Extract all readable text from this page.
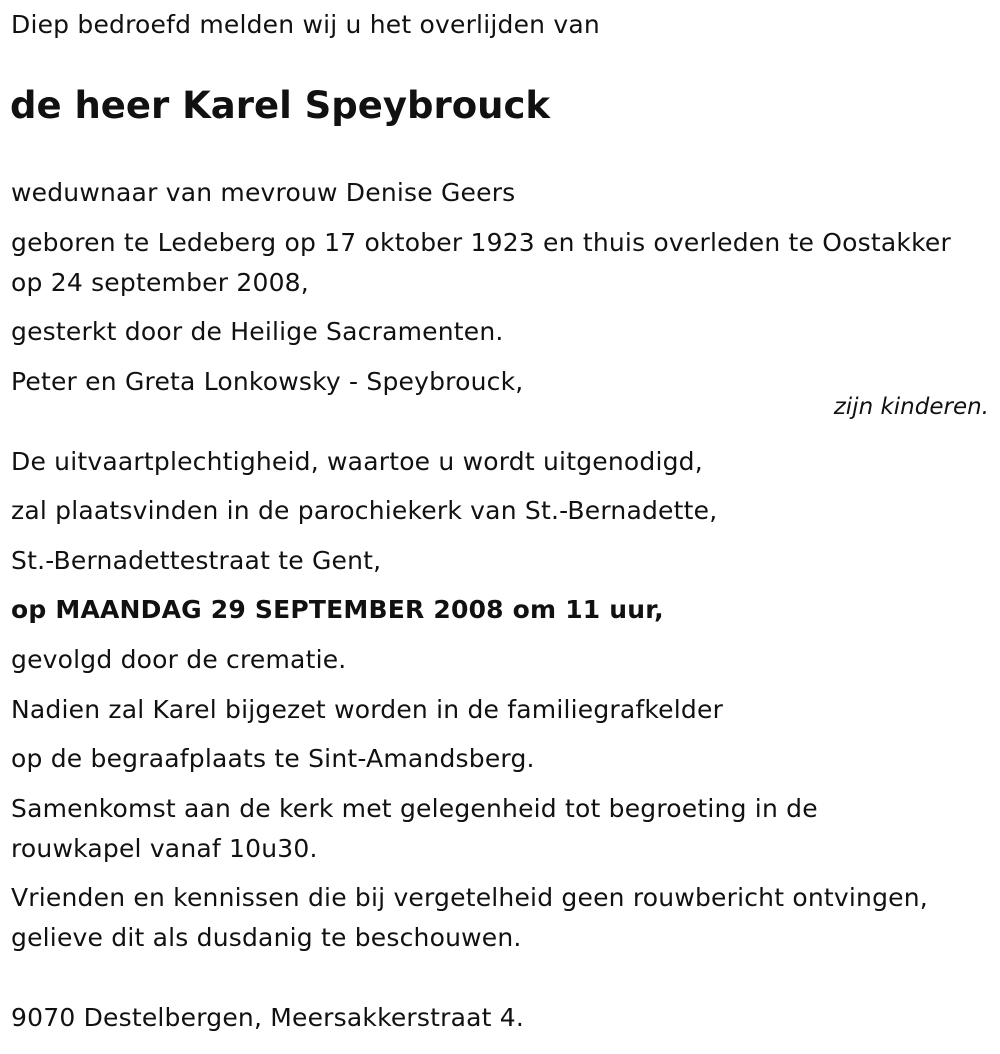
Diep bedroefd melden wij u het overlijden van
de heer Karel Speybrouck
weduwnaar van mevrouw Denise Geers
geboren te Ledeberg op 17 oktober 1923 en thuis overleden te Oostakker
op 24 september 2008,
gesterkt door de Heilige Sacramenten.
Peter en Greta Lonkowsky - Speybrouck,
zijn kinderen.
De uitvaartplechtigheid, waartoe u wordt uitgenodigd,
zal plaatsvinden in de parochiekerk van St.-Bernadette,
St.-Bernadettestraat te Gent,
op MAANDAG 29 SEPTEMBER 2008 om 11 uur,
gevolgd door de crematie.
Nadien zal Karel bijgezet worden in de familiegrafkelder
op de begraafplaats te Sint-Amandsberg.
Samenkomst aan de kerk met gelegenheid tot begroeting in de
rouwkapel vanaf 10u30.
Vrienden en kennissen die bij vergetelheid geen rouwbericht ontvingen,
gelieve dit als dusdanig te beschouwen.
9070 Destelbergen, Meersakkerstraat 4.
